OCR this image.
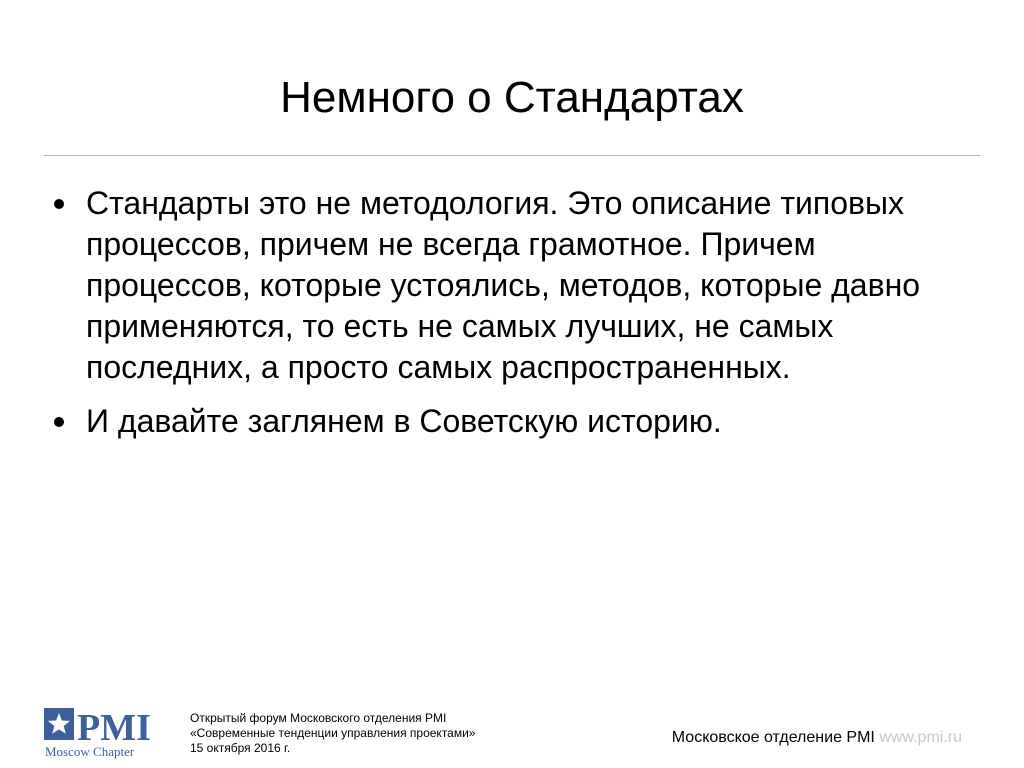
Немного о Стандартах
Стандарты это не методология. Это описание типовых процессов, причем не всегда грамотное. Причем процессов, которые устоялись, методов, которые давно применяются, то есть не самых лучших, не самых последних, а просто самых распространенных.
И давайте заглянем в Советскую историю.
PMI
Moscow Chapter
Открытый форум Московского отделения PMI
«Современные тенденции управления проектами»
15 октября 2016 г.
Московское отделение PMI www.pmi.ru
